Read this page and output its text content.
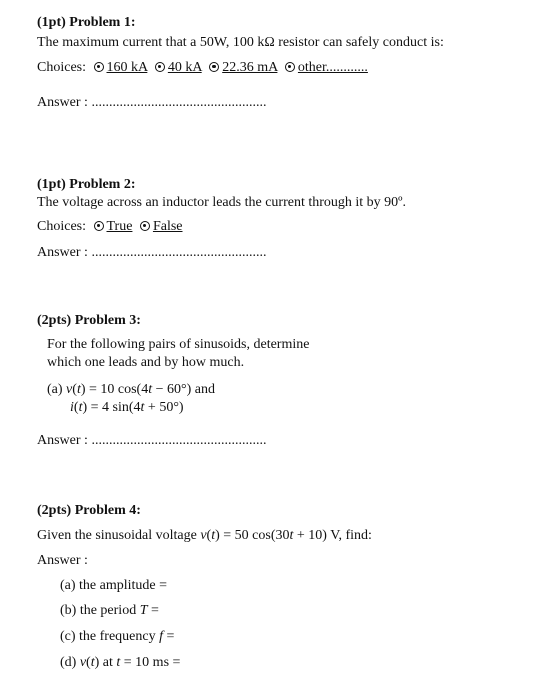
(1pt) Problem 1:
The maximum current that a 50W, 100 kΩ resistor can safely conduct is:
Choices: 160 kA 40 kA 22.36 mA other............
Answer : ..................................................
(1pt) Problem 2:
The voltage across an inductor leads the current through it by 90º.
Choices: True False
Answer : ..................................................
(2pts) Problem 3:
For the following pairs of sinusoids, determine
which one leads and by how much.
(a) v(t) = 10 cos(4t − 60°) and
i(t) = 4 sin(4t + 50°)
Answer : ..................................................
(2pts) Problem 4:
Given the sinusoidal voltage v(t) = 50 cos(30t + 10) V, find:
Answer :
(a) the amplitude =
(b) the period T =
(c) the frequency f =
(d) v(t) at t = 10 ms =
